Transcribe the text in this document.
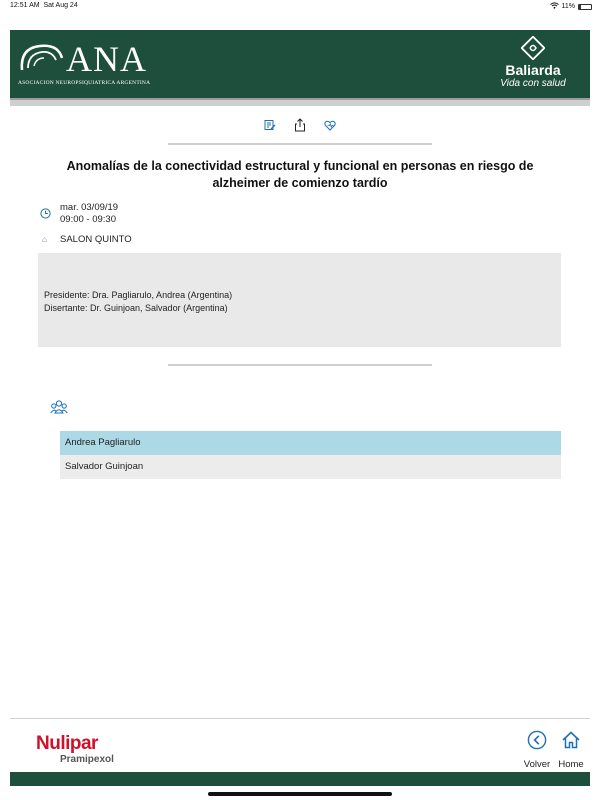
12:51 AM Sat Aug 24	11%
ANA
ASOCIACION NEUROPSIQUIATRICA ARGENTINA
Baliarda
Vida con salud
Anomalías de la conectividad estructural y funcional en personas en riesgo de alzheimer de comienzo tardío
mar. 03/09/19
09:00 - 09:30
⌂ SALON QUINTO
Presidente: Dra. Pagliarulo, Andrea (Argentina)
Disertante: Dr. Guinjoan, Salvador (Argentina)
Andrea Pagliarulo
Salvador Guinjoan
Nulipar
Pramipexol	Volver Home
